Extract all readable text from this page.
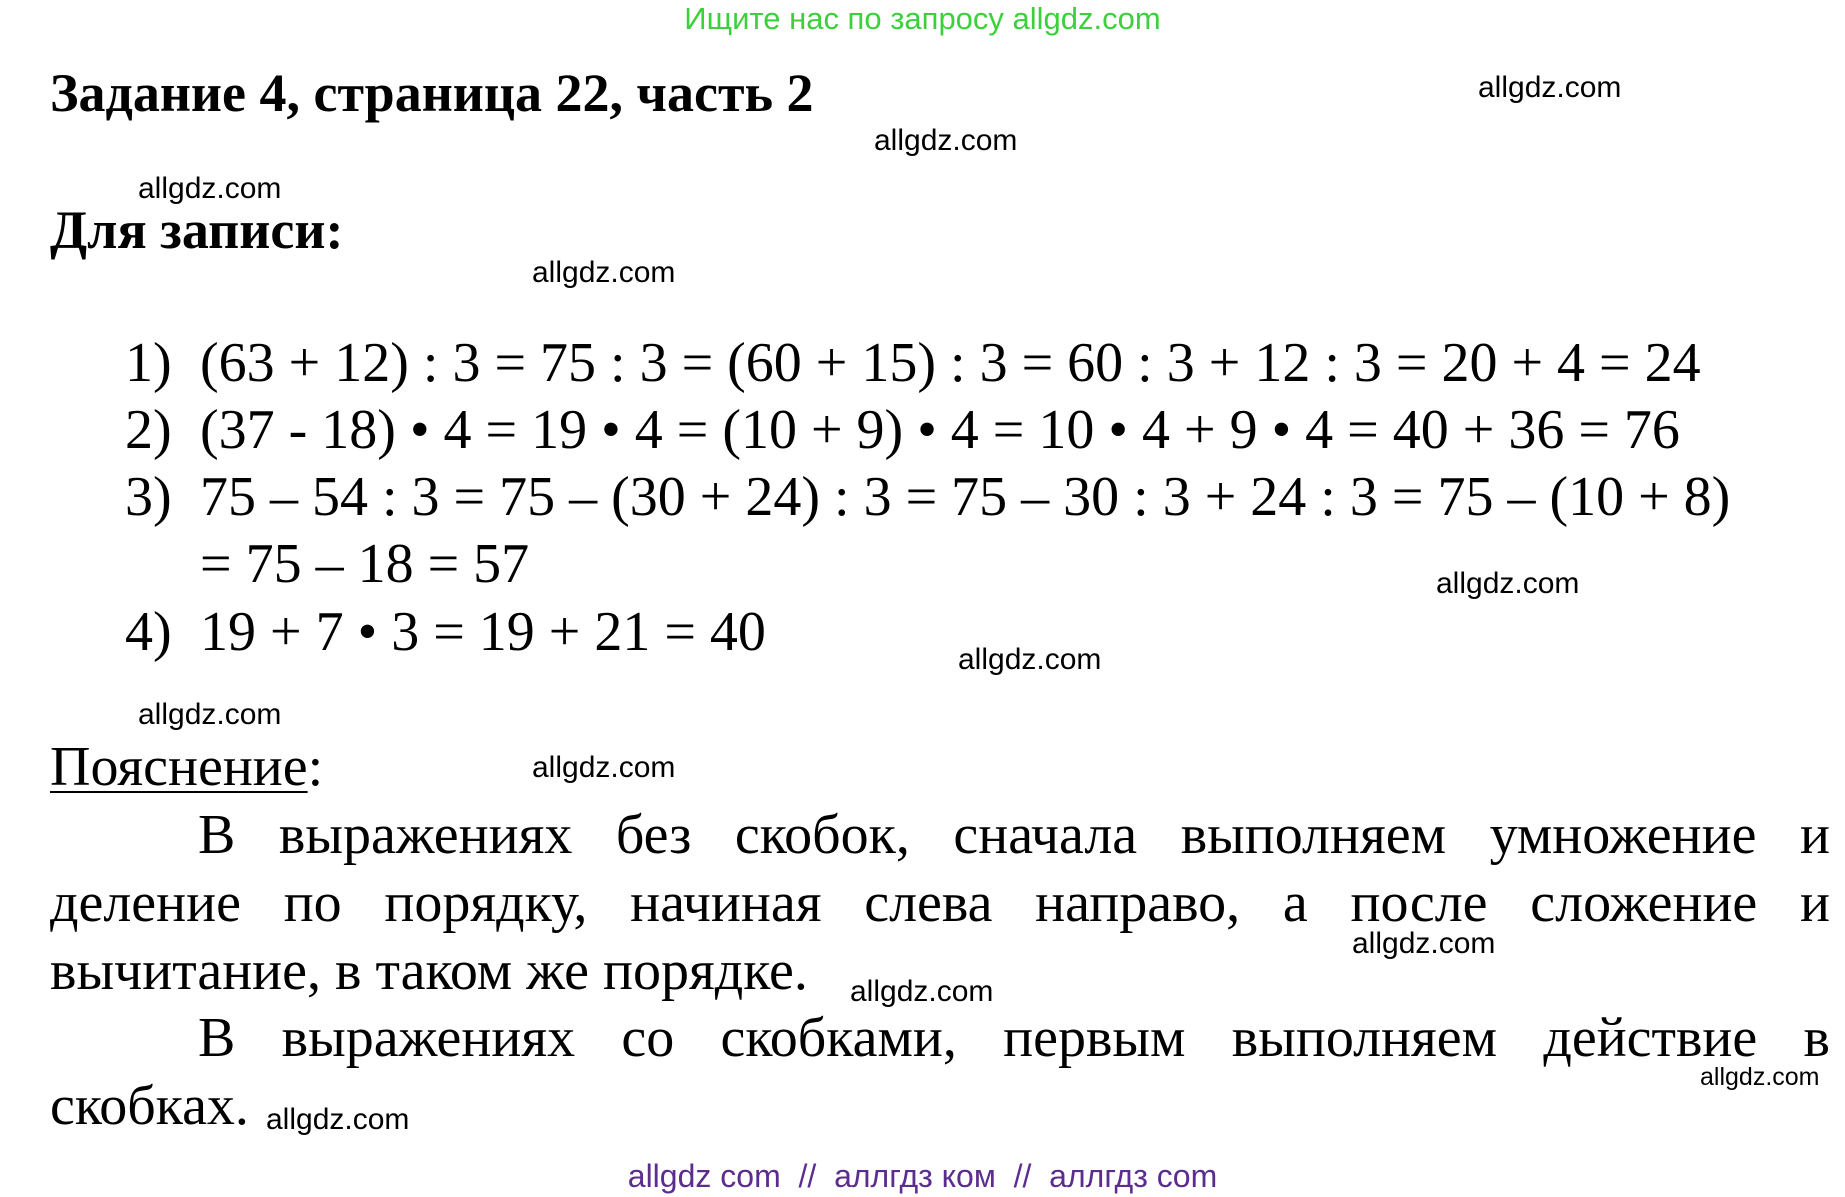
Ищите нас по запросу allgdz.com
Задание 4, страница 22, часть 2	allgdz.com
allgdz.com
allgdz.com
Для записи:
allgdz.com
1) (63 + 12) : 3 = 75 : 3 = (60 + 15) : 3 = 60 : 3 + 12 : 3 = 20 + 4 = 24
2) (37 - 18) • 4 = 19 • 4 = (10 + 9) • 4 = 10 • 4 + 9 • 4 = 40 + 36 = 76
3) 75 – 54 : 3 = 75 – (30 + 24) : 3 = 75 – 30 : 3 + 24 : 3 = 75 – (10 + 8)
= 75 – 18 = 57
4) 19 + 7 • 3 = 19 + 21 = 40
allgdz.com
allgdz.com
allgdz.com
Пояснение:	allgdz.com
В выражениях без скобок, сначала выполняем умножение и
деление по порядку, начиная слева направо, а после сложение и
вычитание, в таком же порядке.	allgdz.com
allgdz.com
В выражениях со скобками, первым выполняем действие в
скобках.	allgdz.com
allgdz.com
allgdz com  //  аллгдз ком  //  аллгдз com
